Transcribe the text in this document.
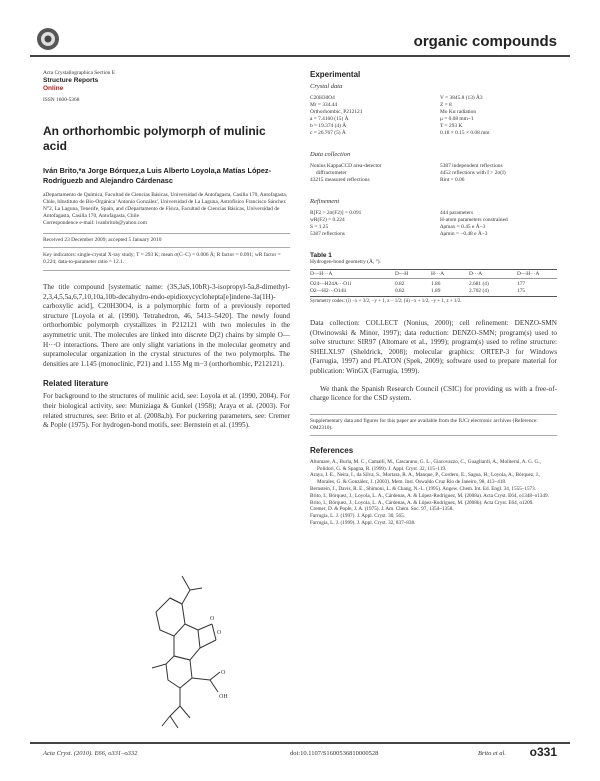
organic compounds
Acta Crystallographica Section E
Structure Reports
Online
ISSN 1600-5368
An orthorhombic polymorph of mulinic acid
Iván Brito,*a Jorge Bórquez,a Luis Alberto Loyola,a Matías López-Rodríguezb and Alejandro Cárdenasc
aDepartamento de Química, Facultad de Ciencias Básicas, Universidad de Antofagasta, Casilla 170, Antofagasta, Chile, bInstituto de Bio-Orgánica 'Antonio González', Universidad de La Laguna, Astrofísico Francisco Sánchez N°2, La Laguna, Tenerife, Spain, and cDepartamento de Física, Facultad de Ciencias Básicas, Universidad de Antofagasta, Casilla 170, Antofagasta, Chile
Correspondence e-mail: ivanbritob@yahoo.com
Received 23 December 2009; accepted 5 January 2010
Key indicators: single-crystal X-ray study; T = 293 K; mean σ(C–C) = 0.006 Å; R factor = 0.091; wR factor = 0.224; data-to-parameter ratio = 12.1.
The title compound [systematic name: (3S,3aS,10bR)-3-isopropyl-5a,8-dimethyl-2,3,4,5,5a,6,7,10,10a,10b-decahydro-endo-epidioxycyclohepta[e]indene-3a(1H)-carboxylic acid], C20H30O4, is a polymorphic form of a previously reported structure [Loyola et al. (1990). Tetrahedron, 46, 5413–5420]. The newly found orthorhombic polymorph crystallizes in P212121 with two molecules in the asymmetric unit. The molecules are linked into discrete D(2) chains by simple O—H···O interactions. There are only slight variations in the molecular geometry and supramolecular organization in the crystal structures of the two polymorphs. The densities are 1.145 (monoclinic, P21) and 1.155 Mg m−3 (orthorhombic, P212121).
Related literature
For background to the structures of mulinic acid, see: Loyola et al. (1990, 2004). For their biological activity, see: Muniziaga & Gunkel (1958); Araya et al. (2003). For related structures, see: Brito et al. (2008a,b). For puckering parameters, see: Cremer & Pople (1975). For hydrogen-bond motifs, see: Bernstein et al. (1995).
O
O
O
OH
Experimental
Crystal data
C20H30O4
Mr = 334.44
Orthorhombic, P212121
a = 7.4160 (15) Å
b = 19.374 (4) Å
c = 26.767 (5) Å
V = 3845.8 (13) Å3
Z = 8
Mo Kα radiation
μ = 0.08 mm−1
T = 293 K
0.18 × 0.15 × 0.08 mm
Data collection
Nonius KappaCCD area-detector
diffractometer
43215 measured reflections
5387 independent reflections
4452 reflections with I > 2σ(I)
Rint = 0.06
Refinement
R[F2 > 2σ(F2)] = 0.091
wR(F2) = 0.224
S = 1.25
5387 reflections
444 parameters
H-atom parameters constrained
Δρmax = 0.45 e Å−3
Δρmin = −0.48 e Å−3
Table 1
Hydrogen-bond geometry (Å, °).
D—H···A	D—H	H···A	D···A	D—H···A

O24—H24A···O1i	0.82	1.86	2.681 (4)	177
O2—H2···O14ii	0.82	1.89	2.702 (4)	175
Symmetry codes: (i) −x + 3/2, −y + 1, z − 1/2; (ii) −x + 1/2, −y + 1, z + 1/2.
Data collection: COLLECT (Nonius, 2000); cell refinement: DENZO-SMN (Otwinowski & Minor, 1997); data reduction: DENZO-SMN; program(s) used to solve structure: SIR97 (Altomare et al., 1999); program(s) used to refine structure: SHELXL97 (Sheldrick, 2008); molecular graphics: ORTEP-3 for Windows (Farrugia, 1997) and PLATON (Spek, 2009); software used to prepare material for publication: WinGX (Farrugia, 1999).
We thank the Spanish Research Council (CSIC) for providing us with a free-of-charge licence for the CSD system.
Supplementary data and figures for this paper are available from the IUCr electronic archives (Reference: OM2310).
References

Altomare, A., Burla, M. C., Camalli, M., Cascarano, G. L., Giacovazzo, C., Guagliardi, A., Moliterni, A. G. G., Polidori, G. & Spagna, R. (1999). J. Appl. Cryst. 32, 115–119.

Araya, J. E., Neira, I., da Silva, S., Mortara, R. A., Manque, P., Cordero, E., Sagua, H., Loyola, A., Bórquez, J., Morales, G. & González, J. (2003). Mem. Inst. Oswaldo Cruz Rio de Janeiro, 98, 413–418.

Bernstein, J., Davis, R. E., Shimoni, L. & Chang, N.-L. (1995). Angew. Chem. Int. Ed. Engl. 34, 1555–1573.

Brito, I., Bórquez, J., Loyola, L. A., Cárdenas, A. & López-Rodríguez, M. (2008a). Acta Cryst. E64, o1348–o1349.

Brito, I., Bórquez, J., Loyola, L. A., Cárdenas, A. & López-Rodríguez, M. (2008b). Acta Cryst. E64, o1209.

Cremer, D. & Pople, J. A. (1975). J. Am. Chem. Soc. 97, 1354–1358.

Farrugia, L. J. (1997). J. Appl. Cryst. 30, 565.

Farrugia, L. J. (1999). J. Appl. Cryst. 32, 837–838.

Acta Cryst. (2010). E66, o331–o332	doi:10.1107/S1600536810000528	Brito et al. o331
